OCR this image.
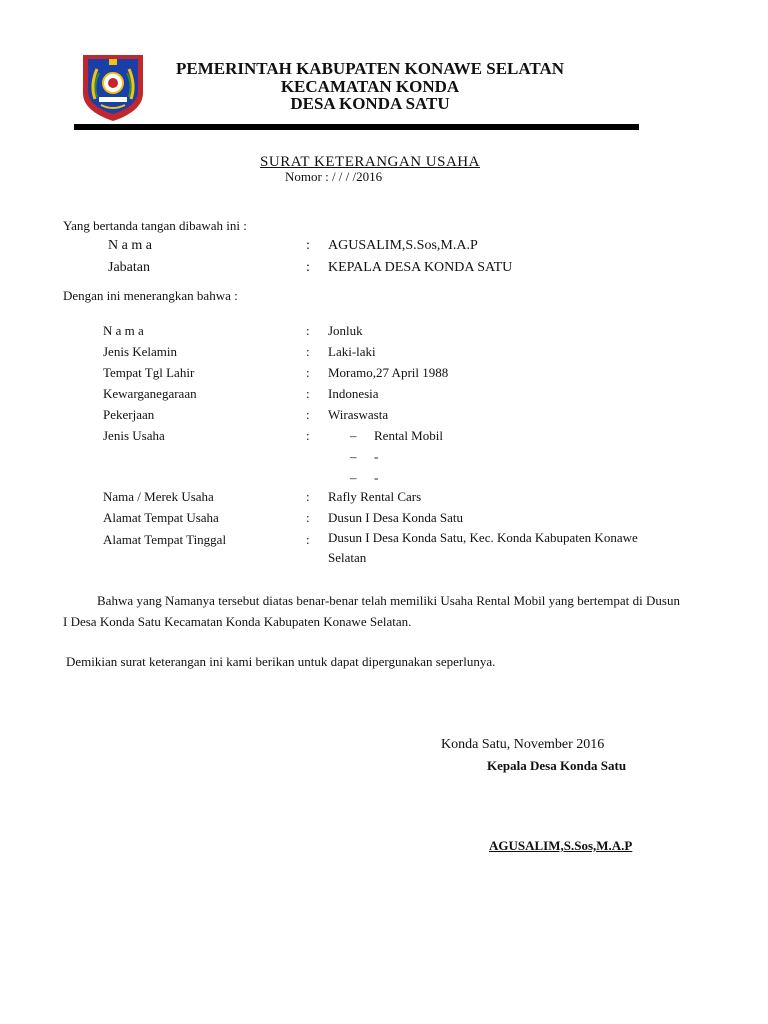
PEMERINTAH KABUPATEN KONAWE SELATAN
KECAMATAN KONDA
DESA KONDA SATU
SURAT KETERANGAN USAHA
Nomor : / / / /2016
Yang bertanda tangan dibawah ini :
N a m a	: AGUSALIM,S.Sos,M.A.P
Jabatan	: KEPALA DESA KONDA SATU
Dengan ini menerangkan bahwa :
N a m a	: Jonluk
Jenis Kelamin	: Laki-laki
Tempat Tgl Lahir	: Moramo,27 April 1988
Kewarganegaraan	: Indonesia
Pekerjaan	: Wiraswasta
Jenis Usaha	:	– Rental Mobil
– -
– -
Nama / Merek Usaha	: Rafly Rental Cars
Alamat Tempat Usaha	: Dusun I Desa Konda Satu
Alamat Tempat Tinggal	: Dusun I Desa Konda Satu, Kec. Konda Kabupaten Konawe
Selatan
Bahwa yang Namanya tersebut diatas benar-benar telah memiliki Usaha Rental Mobil yang bertempat di Dusun I Desa Konda Satu Kecamatan Konda Kabupaten Konawe Selatan.
Demikian surat keterangan ini kami berikan untuk dapat dipergunakan seperlunya.
Konda Satu, November 2016
Kepala Desa Konda Satu
AGUSALIM,S.Sos,M.A.P
